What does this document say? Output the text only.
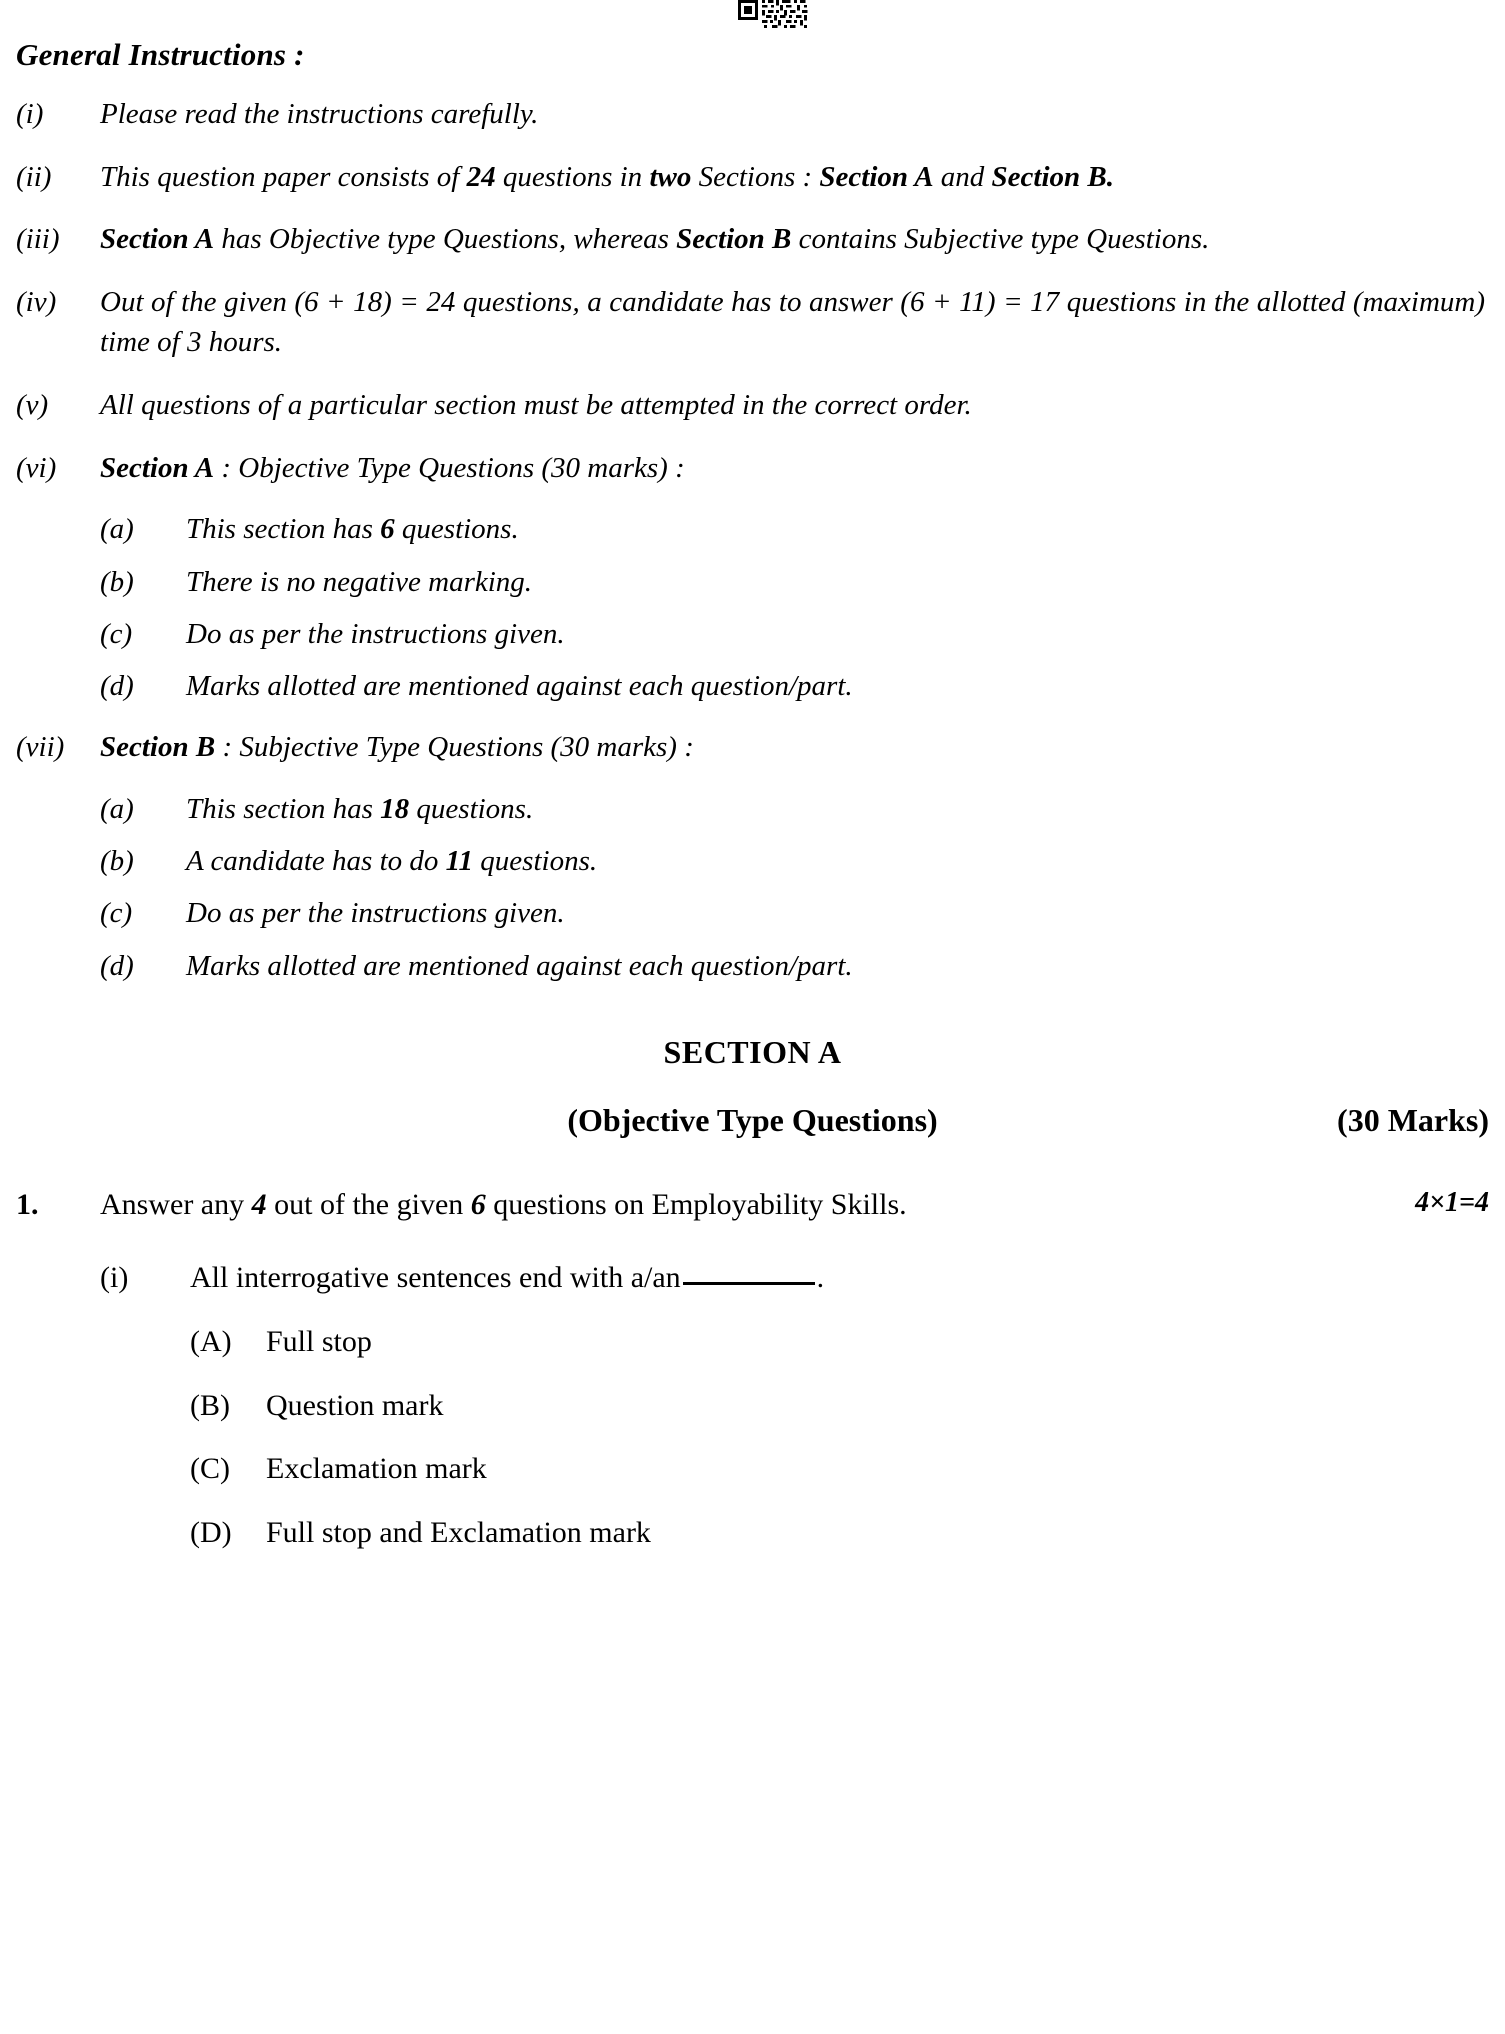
General Instructions :
(i)	Please read the instructions carefully.
(ii)	This question paper consists of 24 questions in two Sections : Section A and Section B.
(iii)	Section A has Objective type Questions, whereas Section B contains Subjective type Questions.
(iv)	Out of the given (6 + 18) = 24 questions, a candidate has to answer (6 + 11) = 17 questions in the allotted (maximum) time of 3 hours.
(v)	All questions of a particular section must be attempted in the correct order.
(vi)	Section A : Objective Type Questions (30 marks) :
(a)	This section has 6 questions.
(b)	There is no negative marking.
(c)	Do as per the instructions given.
(d)	Marks allotted are mentioned against each question/part.
(vii)	Section B : Subjective Type Questions (30 marks) :
(a)	This section has 18 questions.
(b)	A candidate has to do 11 questions.
(c)	Do as per the instructions given.
(d)	Marks allotted are mentioned against each question/part.
SECTION A
(Objective Type Questions)	(30 Marks)
1.	Answer any 4 out of the given 6 questions on Employability Skills.	4×1=4
(i)	All interrogative sentences end with a/an	.
(A)	Full stop
(B)	Question mark
(C)	Exclamation mark
(D)	Full stop and Exclamation mark
